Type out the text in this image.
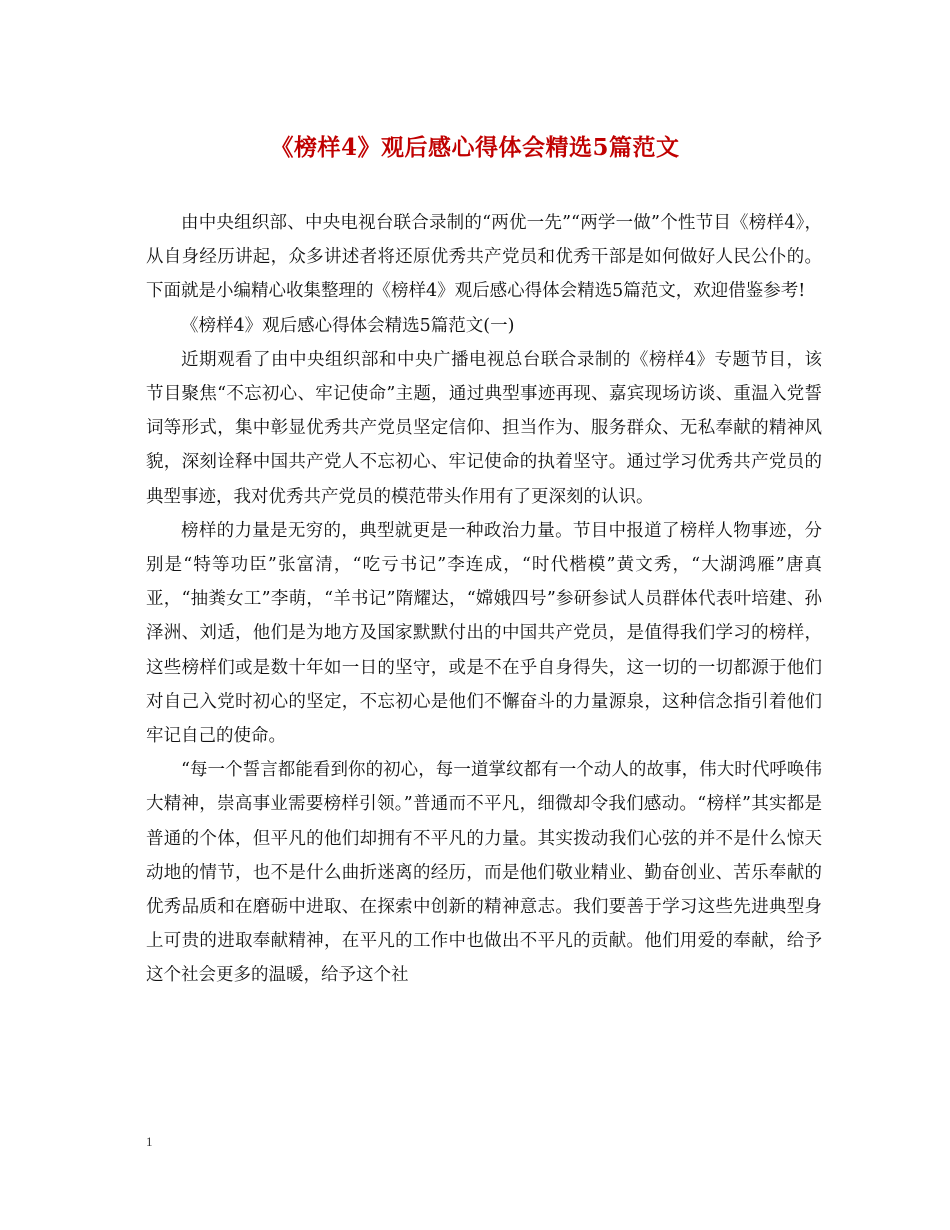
《榜样4》观后感心得体会精选5篇范文

由中央组织部、中央电视台联合录制的“两优一先”“两学一做”个性节目《榜样4》，从自身经历讲起，众多讲述者将还原优秀共产党员和优秀干部是如何做好人民公仆的。下面就是小编精心收集整理的《榜样4》观后感心得体会精选5篇范文，欢迎借鉴参考!

《榜样4》观后感心得体会精选5篇范文(一)

近期观看了由中央组织部和中央广播电视总台联合录制的《榜样4》专题节目，该节目聚焦“不忘初心、牢记使命”主题，通过典型事迹再现、嘉宾现场访谈、重温入党誓词等形式，集中彰显优秀共产党员坚定信仰、担当作为、服务群众、无私奉献的精神风貌，深刻诠释中国共产党人不忘初心、牢记使命的执着坚守。通过学习优秀共产党员的典型事迹，我对优秀共产党员的模范带头作用有了更深刻的认识。

榜样的力量是无穷的，典型就更是一种政治力量。节目中报道了榜样人物事迹，分别是“特等功臣”张富清，“吃亏书记”李连成，“时代楷模”黄文秀，“大湖鸿雁”唐真亚，“抽粪女工”李萌，“羊书记”隋耀达，“嫦娥四号”参研参试人员群体代表叶培建、孙泽洲、刘适，他们是为地方及国家默默付出的中国共产党员，是值得我们学习的榜样，这些榜样们或是数十年如一日的坚守，或是不在乎自身得失，这一切的一切都源于他们对自己入党时初心的坚定，不忘初心是他们不懈奋斗的力量源泉，这种信念指引着他们牢记自己的使命。

“每一个誓言都能看到你的初心，每一道掌纹都有一个动人的故事，伟大时代呼唤伟大精神，崇高事业需要榜样引领。”普通而不平凡，细微却令我们感动。“榜样”其实都是普通的个体，但平凡的他们却拥有不平凡的力量。其实拨动我们心弦的并不是什么惊天动地的情节，也不是什么曲折迷离的经历，而是他们敬业精业、勤奋创业、苦乐奉献的优秀品质和在磨砺中进取、在探索中创新的精神意志。我们要善于学习这些先进典型身上可贵的进取奉献精神，在平凡的工作中也做出不平凡的贡献。他们用爱的奉献，给予这个社会更多的温暖，给予这个社

1
